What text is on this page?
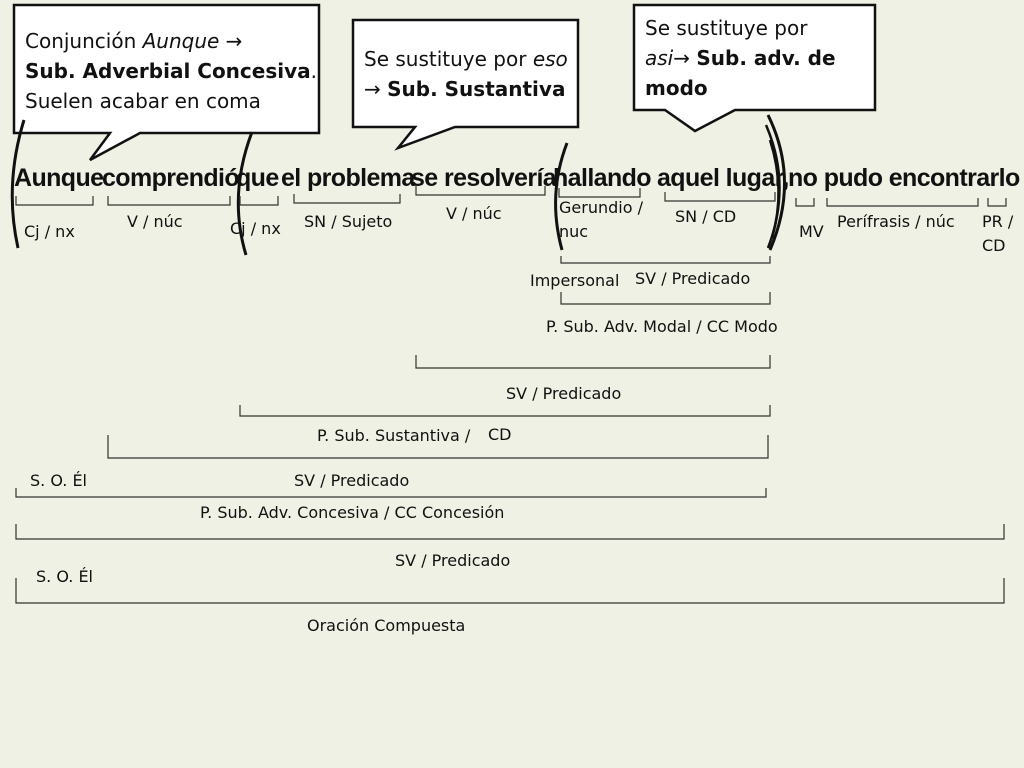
Conjunción Aunque →
Sub. Adverbial Concesiva.
Suelen acabar en coma
Se sustituye por eso
→ Sub. Sustantiva
Se sustituye por
asi→ Sub. adv. de
modo
Aunque
comprendió
que el problema
se resolvería
hallando aquel lugar, no pudo encontrarlo
Cj / nx
V / núc	Cj / nx SN / Sujeto	V / núc	Gerundio /
nuc
SN / CD
MV
Perífrasis / núc PR /
CD
Impersonal SV / Predicado
P. Sub. Adv. Modal / CC Modo
SV / Predicado
P. Sub. Sustantiva / CD
S. O. Él	SV / Predicado
P. Sub. Adv. Concesiva / CC Concesión
SV / Predicado
S. O. Él
Oración Compuesta
